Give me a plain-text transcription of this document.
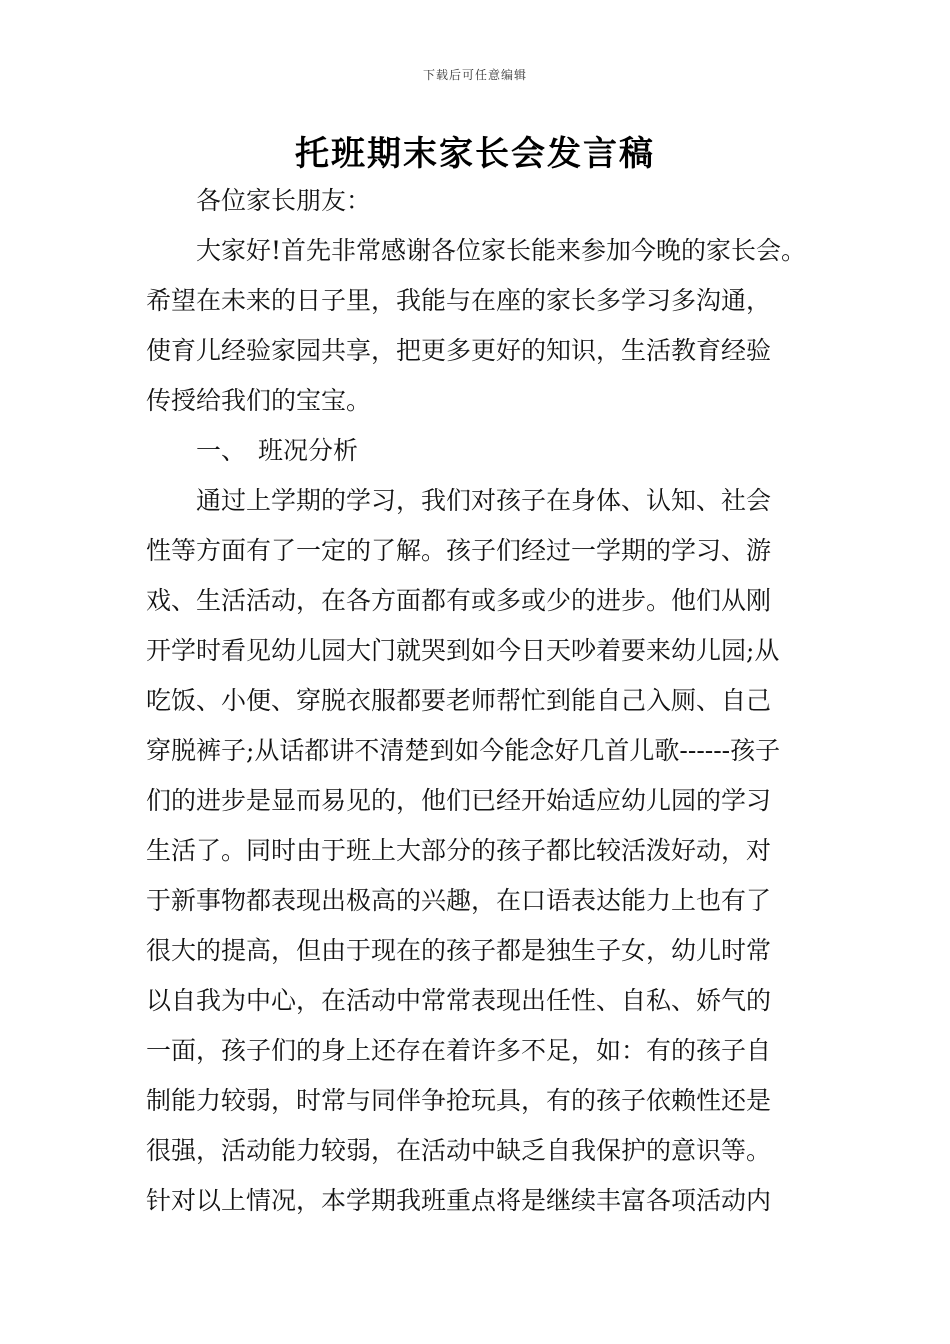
下载后可任意编辑
托班期末家长会发言稿
各位家长朋友：
大家好!首先非常感谢各位家长能来参加今晚的家长会。
希望在未来的日子里，我能与在座的家长多学习多沟通，
使育儿经验家园共享，把更多更好的知识，生活教育经验
传授给我们的宝宝。
一、 班况分析
通过上学期的学习，我们对孩子在身体、认知、社会
性等方面有了一定的了解。孩子们经过一学期的学习、游
戏、生活活动，在各方面都有或多或少的进步。他们从刚
开学时看见幼儿园大门就哭到如今日天吵着要来幼儿园;从
吃饭、小便、穿脱衣服都要老师帮忙到能自己入厕、自己
穿脱裤子;从话都讲不清楚到如今能念好几首儿歌------孩子
们的进步是显而易见的，他们已经开始适应幼儿园的学习
生活了。同时由于班上大部分的孩子都比较活泼好动，对
于新事物都表现出极高的兴趣，在口语表达能力上也有了
很大的提高，但由于现在的孩子都是独生子女，幼儿时常
以自我为中心，在活动中常常表现出任性、自私、娇气的
一面，孩子们的身上还存在着许多不足，如：有的孩子自
制能力较弱，时常与同伴争抢玩具，有的孩子依赖性还是
很强，活动能力较弱，在活动中缺乏自我保护的意识等。
针对以上情况，本学期我班重点将是继续丰富各项活动内
